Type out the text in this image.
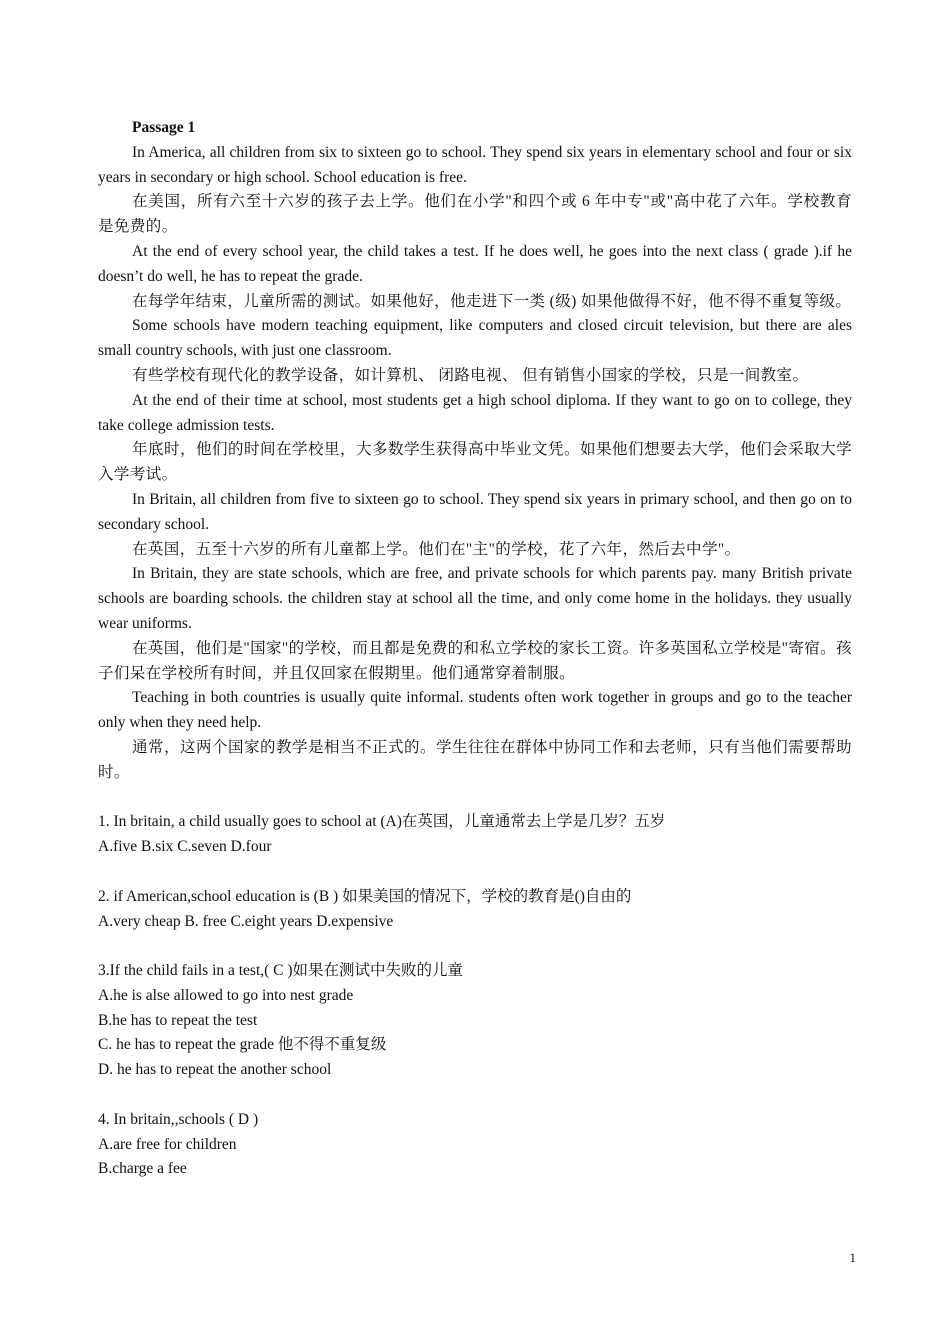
Passage 1

In America, all children from six to sixteen go to school. They spend six years in elementary school and four or six years in secondary or high school. School education is free.

在美国，所有六至十六岁的孩子去上学。他们在小学"和四个或 6 年中专"或"高中花了六年。学校教育是免费的。

At the end of every school year, the child takes a test. If he does well, he goes into the next class ( grade ).if he doesn’t do well, he has to repeat the grade.

在每学年结束，儿童所需的测试。如果他好，他走进下一类 (级) 如果他做得不好，他不得不重复等级。

Some schools have modern teaching equipment, like computers and closed circuit television, but there are ales small country schools, with just one classroom.

有些学校有现代化的教学设备，如计算机、 闭路电视、 但有销售小国家的学校，只是一间教室。

At the end of their time at school, most students get a high school diploma. If they want to go on to college, they take college admission tests.

年底时，他们的时间在学校里，大多数学生获得高中毕业文凭。如果他们想要去大学，他们会采取大学入学考试。

In Britain, all children from five to sixteen go to school. They spend six years in primary school, and then go on to secondary school.

在英国，五至十六岁的所有儿童都上学。他们在"主"的学校，花了六年，然后去中学"。

In Britain, they are state schools, which are free, and private schools for which parents pay. many British private schools are boarding schools. the children stay at school all the time, and only come home in the holidays. they usually wear uniforms.

在英国，他们是"国家"的学校，而且都是免费的和私立学校的家长工资。许多英国私立学校是"寄宿。孩子们呆在学校所有时间，并且仅回家在假期里。他们通常穿着制服。

Teaching in both countries is usually quite informal. students often work together in groups and go to the teacher only when they need help.

通常，这两个国家的教学是相当不正式的。学生往往在群体中协同工作和去老师，只有当他们需要帮助时。

1. In britain, a child usually goes to school at (A)在英国，儿童通常去上学是几岁？五岁

A.five B.six C.seven D.four

2. if American,school education is (B ) 如果美国的情况下，学校的教育是()自由的

A.very cheap B. free C.eight years D.expensive

3.If the child fails in a test,( C )如果在测试中失败的儿童

A.he is alse allowed to go into nest grade

B.he has to repeat the test

C. he has to repeat the grade 他不得不重复级

D. he has to repeat the another school

4. In britain,,schools ( D )

A.are free for children

B.charge a fee

1
